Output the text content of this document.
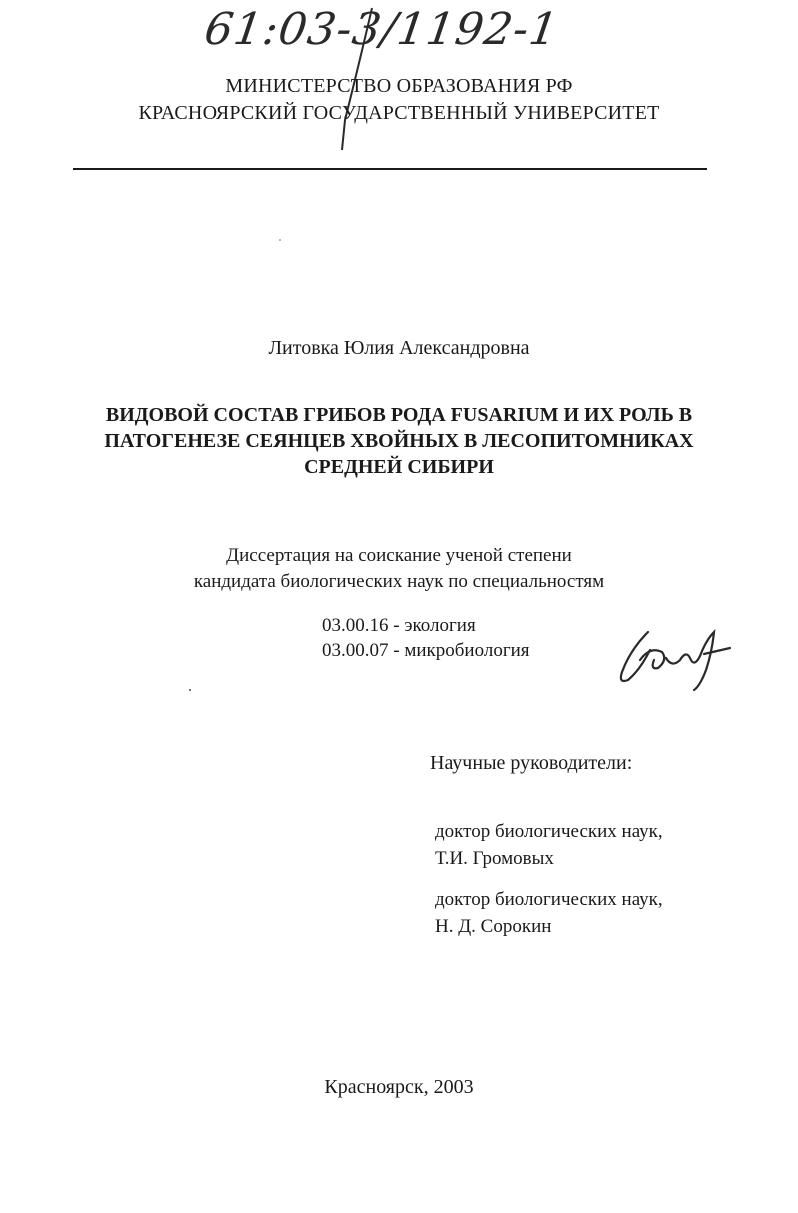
61:03-3/1192-1
МИНИСТЕРСТВО ОБРАЗОВАНИЯ РФ
КРАСНОЯРСКИЙ ГОСУДАРСТВЕННЫЙ УНИВЕРСИТЕТ
Литовка Юлия Александровна
ВИДОВОЙ СОСТАВ ГРИБОВ РОДА FUSARIUM И ИХ РОЛЬ В
ПАТОГЕНЕЗЕ СЕЯНЦЕВ ХВОЙНЫХ В ЛЕСОПИТОМНИКАХ
СРЕДНЕЙ СИБИРИ
Диссертация на соискание ученой степени
кандидата биологических наук по специальностям
03.00.16 - экология
03.00.07 - микробиология
Научные руководители:
доктор биологических наук,
Т.И. Громовых
доктор биологических наук,
Н. Д. Сорокин
Красноярск, 2003
